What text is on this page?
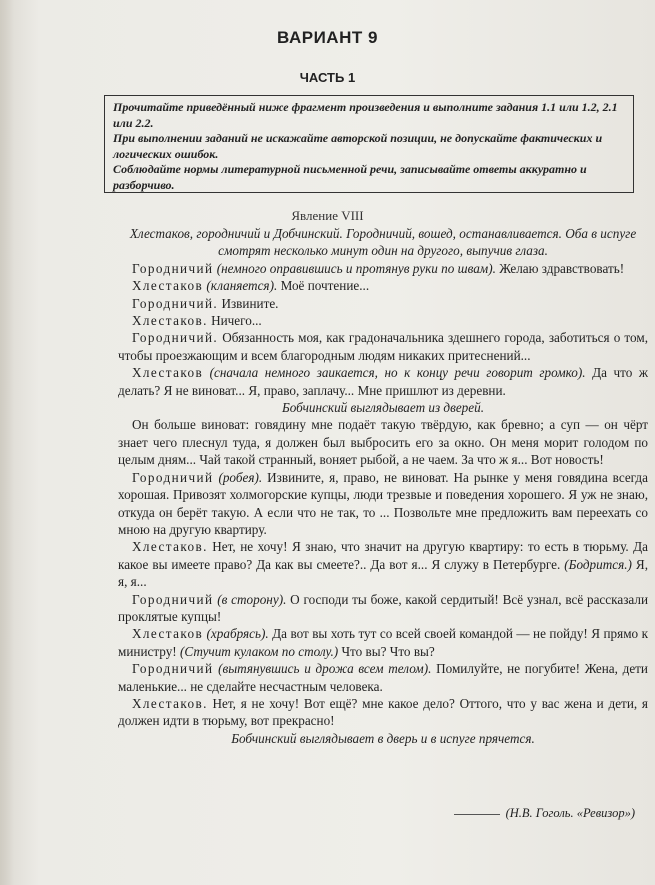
ВАРИАНТ 9
ЧАСТЬ 1

Прочитайте приведённый ниже фрагмент произведения и выполните задания 1.1 или 1.2, 2.1 или 2.2.

При выполнении заданий не искажайте авторской позиции, не допускайте фактических и логических ошибок.

Соблюдайте нормы литературной письменной речи, записывайте ответы аккуратно и разборчиво.

Явление VIII

Хлестаков, городничий и Добчинский. Городничий, вошед, останавливается. Оба в испуге смотрят несколько минут один на другого, выпучив глаза.

Городничий (немного оправившись и протянув руки по швам). Желаю здравствовать!

Хлестаков (кланяется). Моё почтение...

Городничий. Извините.

Хлестаков. Ничего...

Городничий. Обязанность моя, как градоначальника здешнего города, заботиться о том, чтобы проезжающим и всем благородным людям никаких притеснений...

Хлестаков (сначала немного заикается, но к концу речи говорит громко). Да что ж делать? Я не виноват... Я, право, заплачу... Мне пришлют из деревни.

Бобчинский выглядывает из дверей.

Он больше виноват: говядину мне подаёт такую твёрдую, как бревно; а суп — он чёрт знает чего плеснул туда, я должен был выбросить его за окно. Он меня морит голодом по целым дням... Чай такой странный, воняет рыбой, а не чаем. За что ж я... Вот новость!

Городничий (робея). Извините, я, право, не виноват. На рынке у меня говядина всегда хорошая. Привозят холмогорские купцы, люди трезвые и поведения хорошего. Я уж не знаю, откуда он берёт такую. А если что не так, то ... Позвольте мне предложить вам переехать со мною на другую квартиру.

Хлестаков. Нет, не хочу! Я знаю, что значит на другую квартиру: то есть в тюрьму. Да какое вы имеете право? Да как вы смеете?.. Да вот я... Я служу в Петербурге. (Бодрится.) Я, я, я...

Городничий (в сторону). О господи ты боже, какой сердитый! Всё узнал, всё рассказали проклятые купцы!

Хлестаков (храбрясь). Да вот вы хоть тут со всей своей командой — не пойду! Я прямо к министру! (Стучит кулаком по столу.) Что вы? Что вы?

Городничий (вытянувшись и дрожа всем телом). Помилуйте, не погубите! Жена, дети маленькие... не сделайте несчастным человека.

Хлестаков. Нет, я не хочу! Вот ещё? мне какое дело? Оттого, что у вас жена и дети, я должен идти в тюрьму, вот прекрасно!

Бобчинский выглядывает в дверь и в испуге прячется.

(Н.В. Гоголь. «Ревизор»)
